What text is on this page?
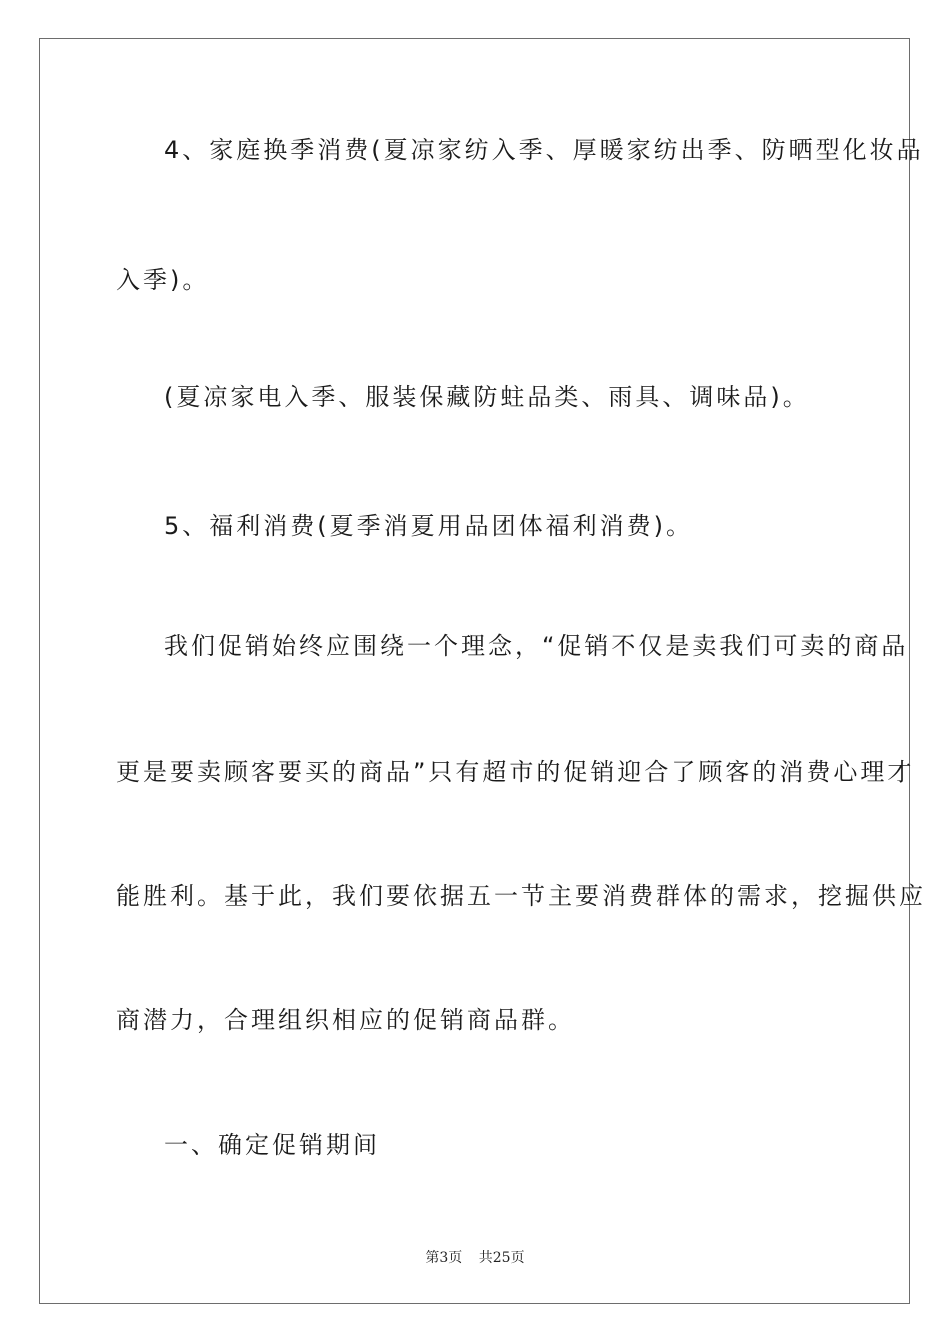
4、家庭换季消费(夏凉家纺入季、厚暖家纺出季、防晒型化妆品
入季)。
(夏凉家电入季、服装保藏防蛀品类、雨具、调味品)。
5、福利消费(夏季消夏用品团体福利消费)。
我们促销始终应围绕一个理念，“促销不仅是卖我们可卖的商品
更是要卖顾客要买的商品”只有超市的促销迎合了顾客的消费心理才
能胜利。基于此，我们要依据五一节主要消费群体的需求，挖掘供应
商潜力，合理组织相应的促销商品群。
一、确定促销期间
第3页 共25页
